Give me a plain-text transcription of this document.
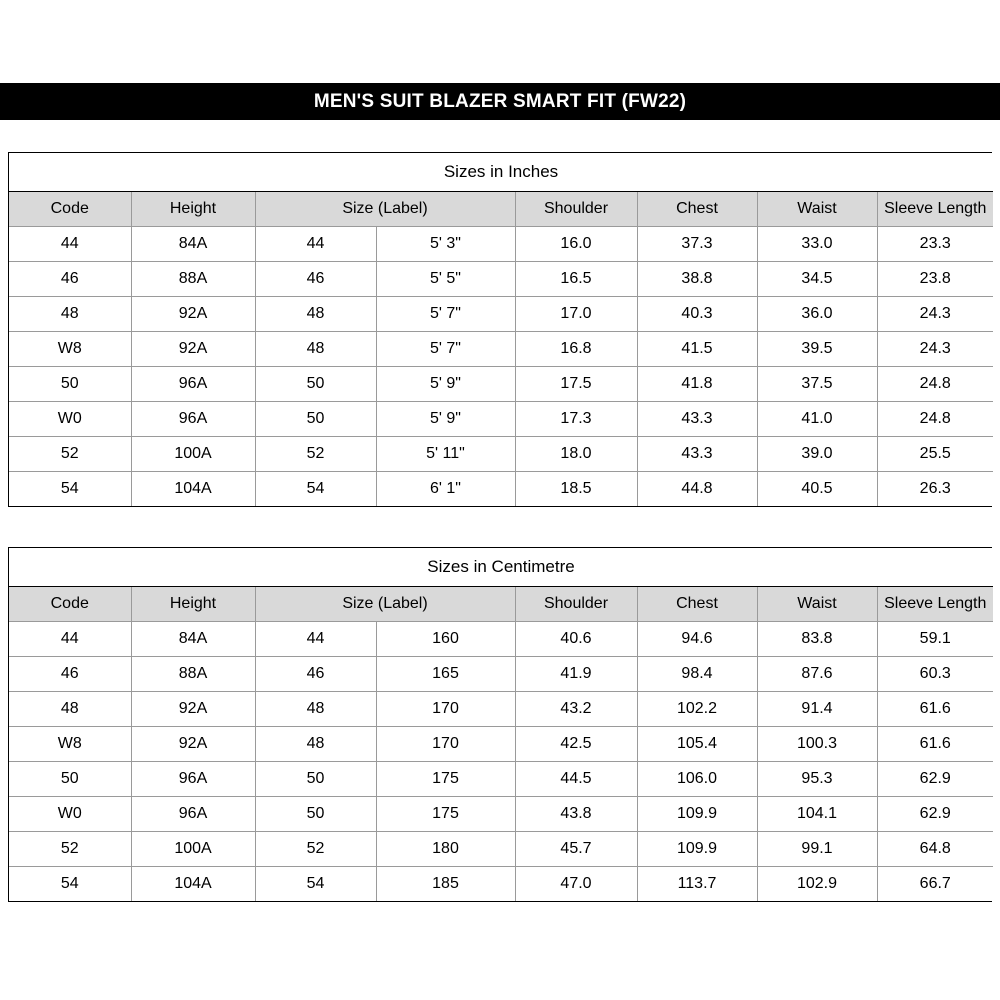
MEN'S SUIT BLAZER SMART FIT (FW22)
Sizes in Inches
Code	Height	Size (Label)		Shoulder	Chest	Waist	Sleeve Length
44	84A	44	5' 3"	16.0	37.3	33.0	23.3
46	88A	46	5' 5"	16.5	38.8	34.5	23.8
48	92A	48	5' 7"	17.0	40.3	36.0	24.3
W8	92A	48	5' 7"	16.8	41.5	39.5	24.3
50	96A	50	5' 9"	17.5	41.8	37.5	24.8
W0	96A	50	5' 9"	17.3	43.3	41.0	24.8
52	100A	52	5' 11"	18.0	43.3	39.0	25.5
54	104A	54	6' 1"	18.5	44.8	40.5	26.3
Sizes in Centimetre
Code	Height	Size (Label)		Shoulder	Chest	Waist	Sleeve Length
44	84A	44	160	40.6	94.6	83.8	59.1
46	88A	46	165	41.9	98.4	87.6	60.3
48	92A	48	170	43.2	102.2	91.4	61.6
W8	92A	48	170	42.5	105.4	100.3	61.6
50	96A	50	175	44.5	106.0	95.3	62.9
W0	96A	50	175	43.8	109.9	104.1	62.9
52	100A	52	180	45.7	109.9	99.1	64.8
54	104A	54	185	47.0	113.7	102.9	66.7
